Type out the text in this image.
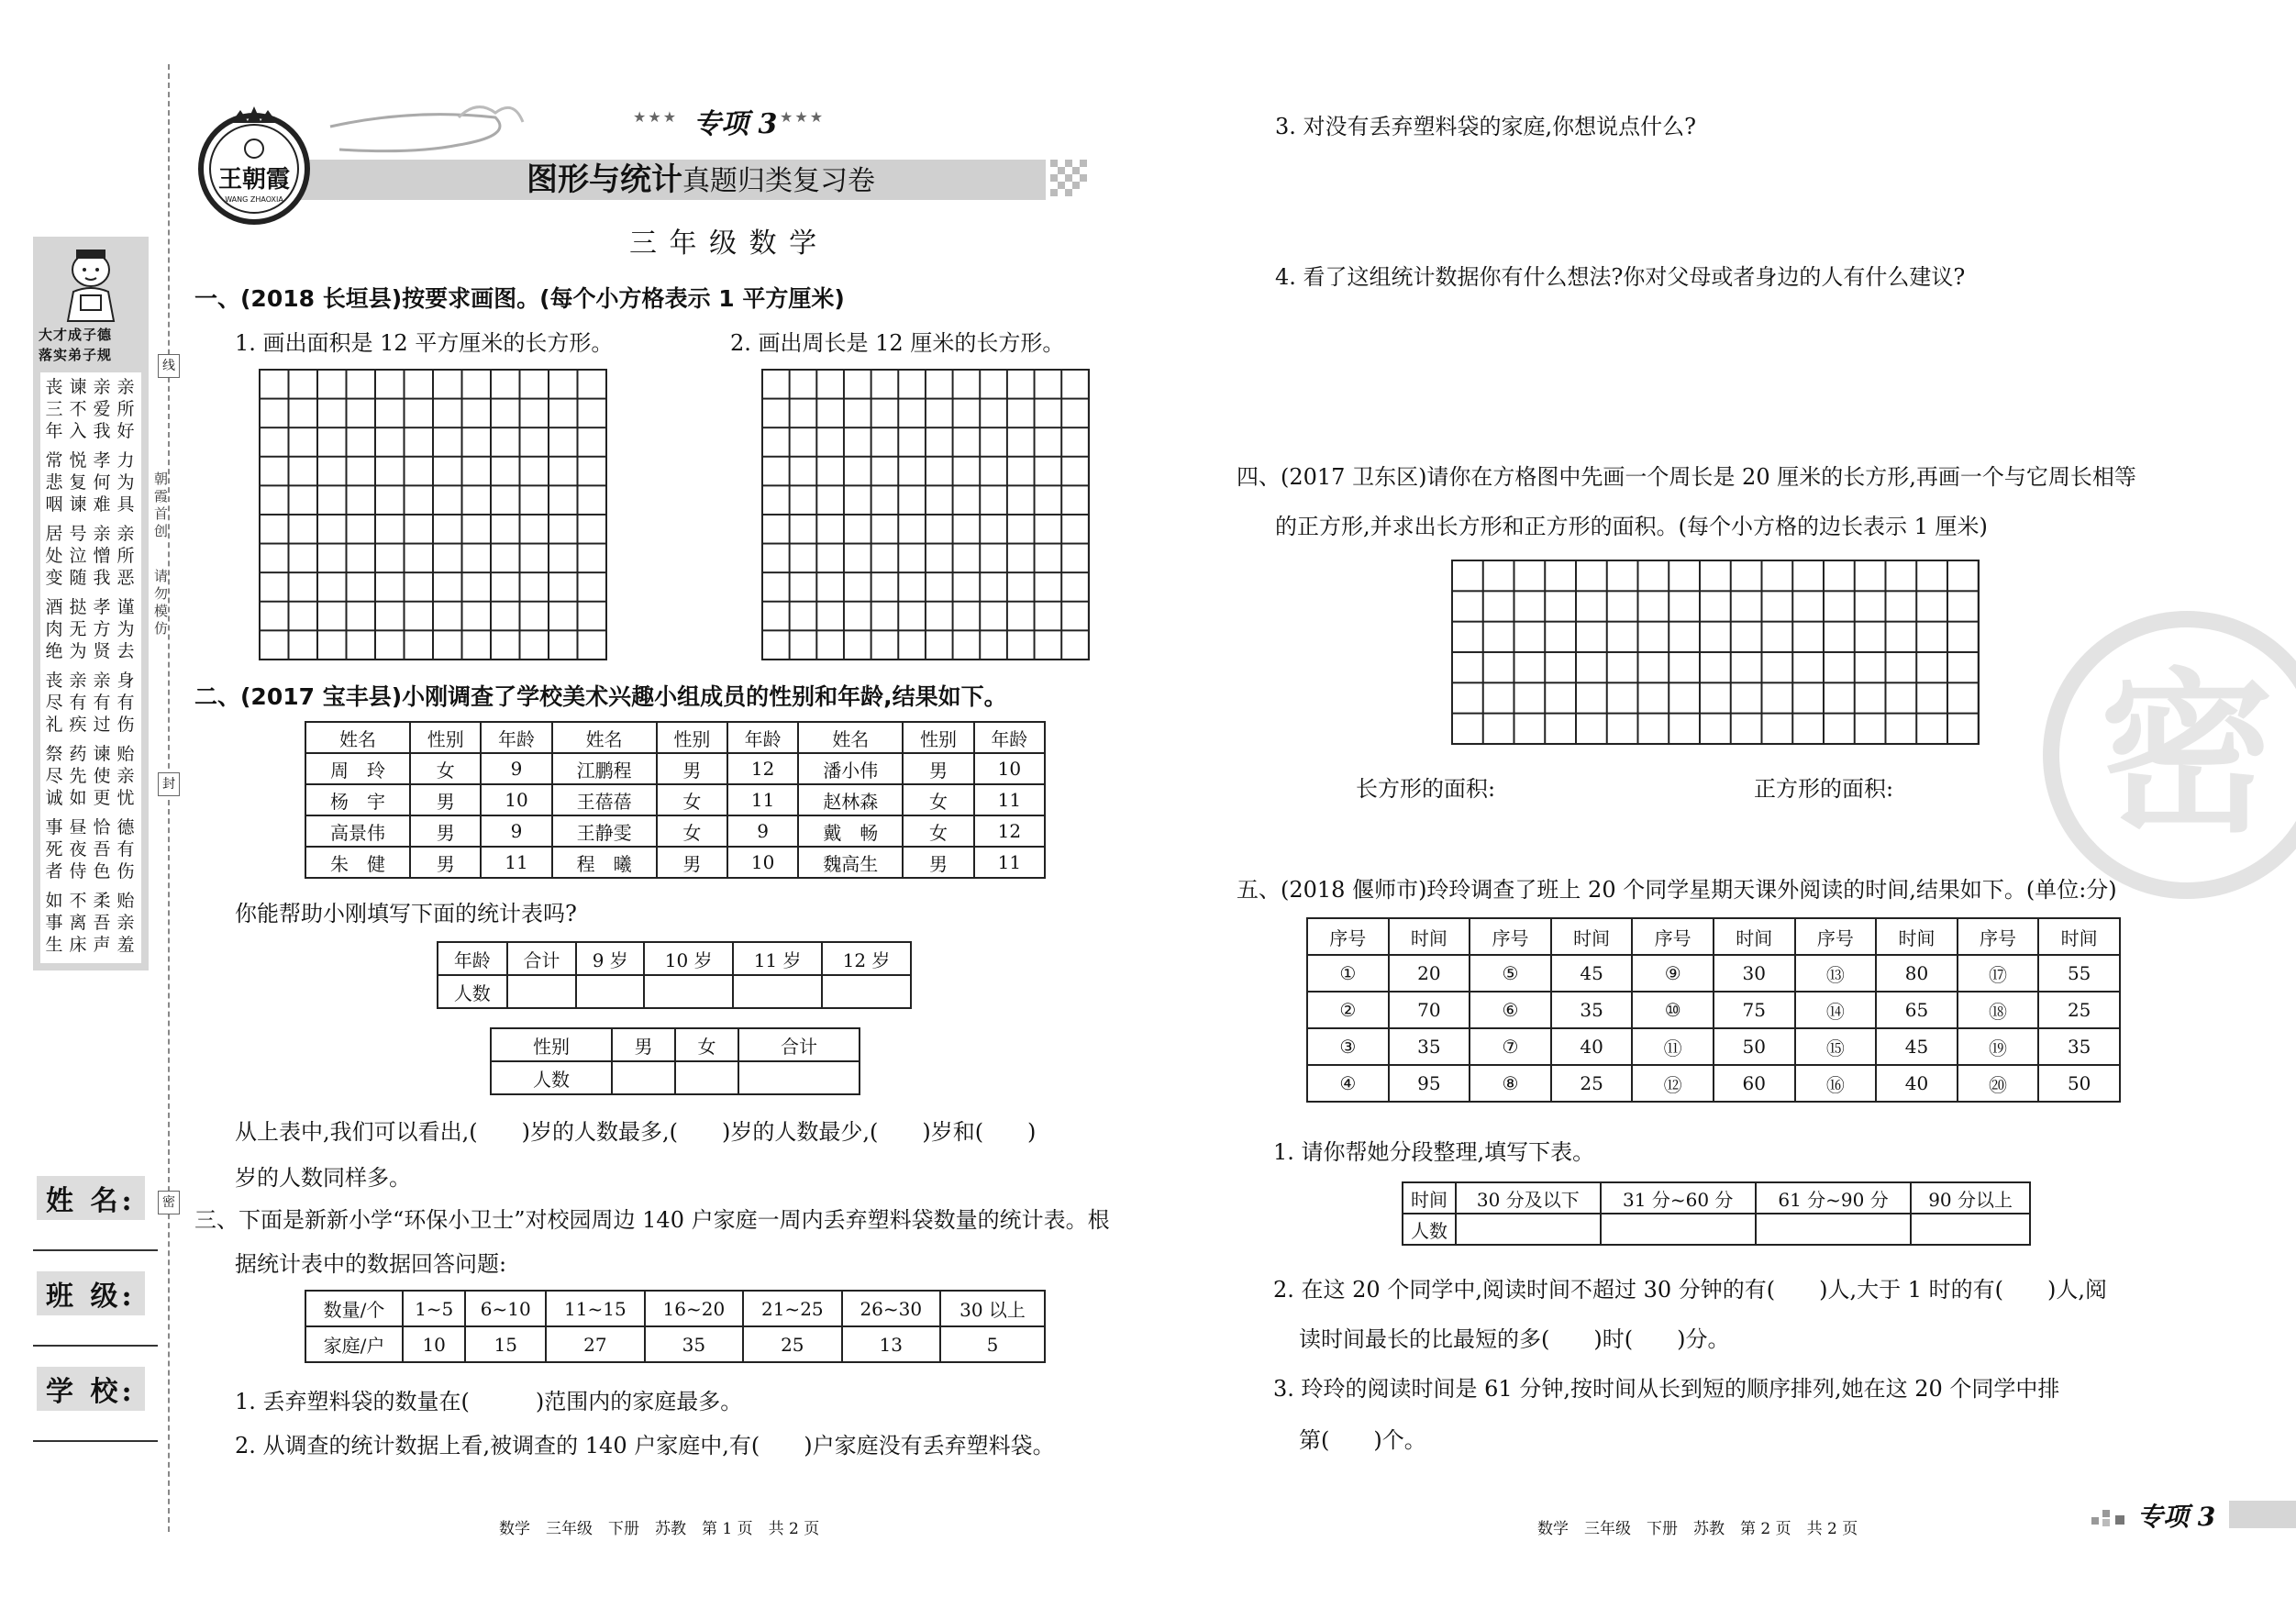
大才成子德
落实弟子规
丧
三
年
谏
不
入
亲
爱
我
亲
所
好
常
悲
咽
悦
复
谏
孝
何
难
力
为
具
居
处
变
号
泣
随
亲
憎
我
亲
所
恶
酒
肉
绝
挞
无
为
孝
方
贤
谨
为
去
丧
尽
礼
亲
有
疾
亲
有
过
身
有
伤
祭
尽
诚
药
先
如
谏
使
更
贻
亲
忧
事
死
者
昼
夜
侍
恰
吾
色
德
有
伤
如
事
生
不
离
床
柔
吾
声
贻
亲
羞
朝霞首创
请勿模仿
线
封
密
姓 名:
班 级:
学 校:
王朝霞
WANG ZHAOXIA
★★★ 专项 3 ★★★
图形与统计真题归类复习卷
三 年 级 数 学
一、(2018 长垣县)按要求画图。(每个小方格表示 1 平方厘米)
1. 画出面积是 12 平方厘米的长方形。	2. 画出周长是 12 厘米的长方形。
二、(2017 宝丰县)小刚调查了学校美术兴趣小组成员的性别和年龄,结果如下。
姓名	性别	年龄	姓名	性别	年龄	姓名	性别	年龄
周　玲	女	9	江鹏程	男	12	潘小伟	男	10
杨　宇	男	10	王蓓蓓	女	11	赵林森	女	11
高景伟	男	9	王静雯	女	9	戴　畅	女	12
朱　健	男	11	程　曦	男	10	魏高生	男	11
你能帮助小刚填写下面的统计表吗?
年龄	合计	9 岁	10 岁	11 岁	12 岁
人数					
性别	男	女	合计
人数			
从上表中,我们可以看出,(　　)岁的人数最多,(　　)岁的人数最少,(　　)岁和(　　)
岁的人数同样多。
三、下面是新新小学“环保小卫士”对校园周边 140 户家庭一周内丢弃塑料袋数量的统计表。根
据统计表中的数据回答问题:
数量/个	1~5	6~10	11~15	16~20	21~25	26~30	30 以上
家庭/户	10	15	27	35	25	13	5
1. 丢弃塑料袋的数量在(　　　)范围内的家庭最多。
2. 从调查的统计数据上看,被调查的 140 户家庭中,有(　　)户家庭没有丢弃塑料袋。
3. 对没有丢弃塑料袋的家庭,你想说点什么?
4. 看了这组统计数据你有什么想法?你对父母或者身边的人有什么建议?
四、(2017 卫东区)请你在方格图中先画一个周长是 20 厘米的长方形,再画一个与它周长相等
的正方形,并求出长方形和正方形的面积。(每个小方格的边长表示 1 厘米)
长方形的面积:	正方形的面积: 密
五、(2018 偃师市)玲玲调查了班上 20 个同学星期天课外阅读的时间,结果如下。(单位:分)
序号	时间	序号	时间	序号	时间	序号	时间	序号	时间
①	20	⑤	45	⑨	30	⑬	80	⑰	55
②	70	⑥	35	⑩	75	⑭	65	⑱	25
③	35	⑦	40	⑪	50	⑮	45	⑲	35
④	95	⑧	25	⑫	60	⑯	40	⑳	50
1. 请你帮她分段整理,填写下表。
时间	30 分及以下	31 分~60 分	61 分~90 分	90 分以上
人数				
2. 在这 20 个同学中,阅读时间不超过 30 分钟的有(　　)人,大于 1 时的有(　　)人,阅
读时间最长的比最短的多(　　)时(　　)分。
3. 玲玲的阅读时间是 61 分钟,按时间从长到短的顺序排列,她在这 20 个同学中排
第(　　)个。
数学　三年级　下册　苏教　第 1 页　共 2 页	数学　三年级　下册　苏教　第 2 页　共 2 页	专项 3
